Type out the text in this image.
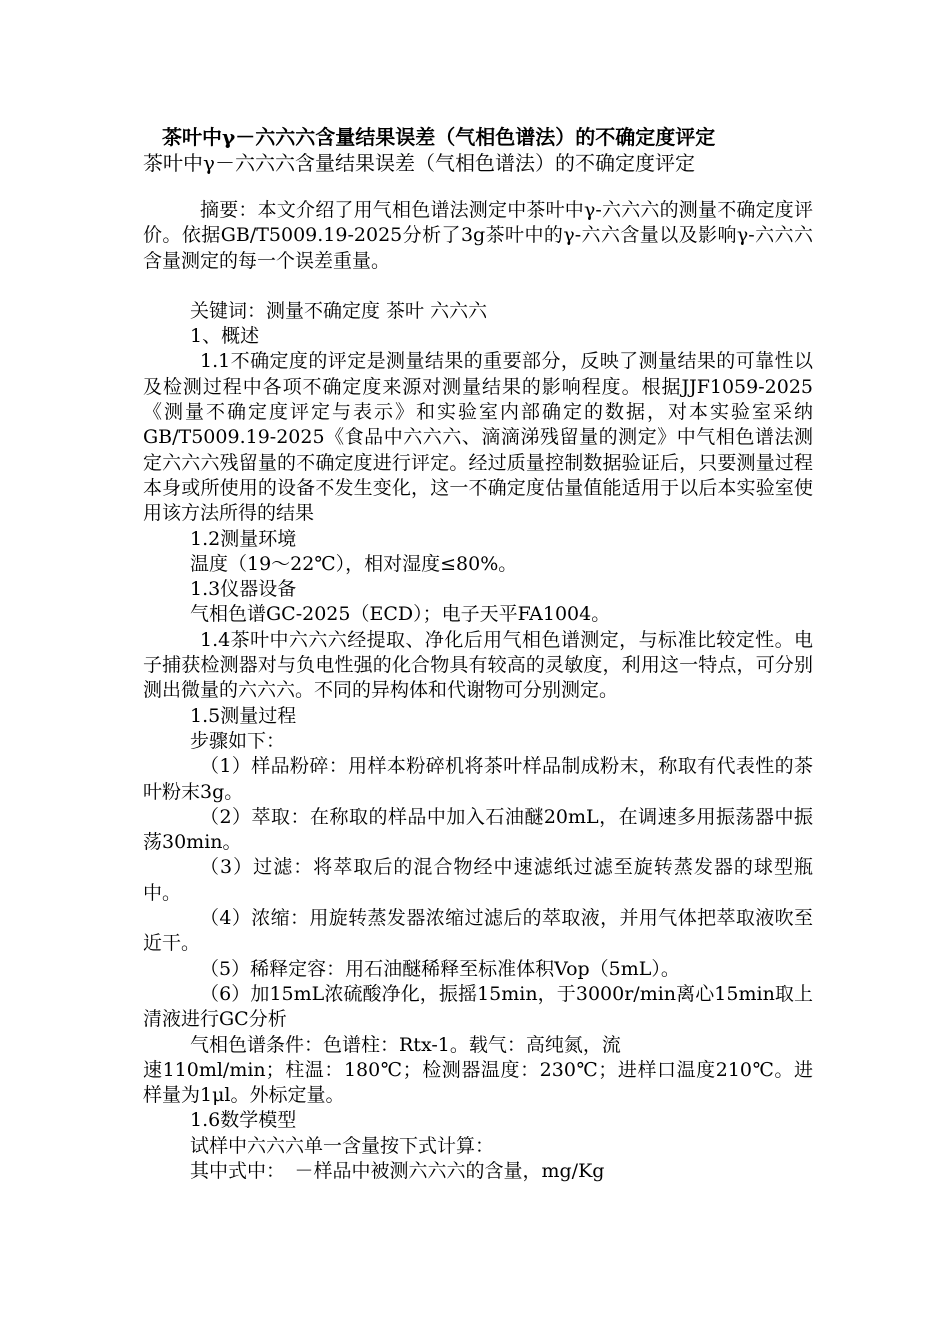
茶叶中γ－六六六含量结果误差（气相色谱法）的不确定度评定
茶叶中γ－六六六含量结果误差（气相色谱法）的不确定度评定

摘要：本文介绍了用气相色谱法测定中茶叶中γ-六六六的测量不确定度评价。依据GB/T5009.19-2025分析了3g茶叶中的γ-六六含量以及影响γ-六六六含量测定的每一个误差重量。

关键词：测量不确定度 茶叶 六六六

1、概述

1.1不确定度的评定是测量结果的重要部分，反映了测量结果的可靠性以及检测过程中各项不确定度来源对测量结果的影响程度。根据JJF1059-2025《测量不确定度评定与表示》和实验室内部确定的数据，对本实验室采纳GB/T5009.19-2025《食品中六六六、滴滴涕残留量的测定》中气相色谱法测定六六六残留量的不确定度进行评定。经过质量控制数据验证后，只要测量过程本身或所使用的设备不发生变化，这一不确定度估量值能适用于以后本实验室使用该方法所得的结果

1.2测量环境

温度（19～22℃），相对湿度≤80%。

1.3仪器设备

气相色谱GC-2025（ECD）；电子天平FA1004。

1.4茶叶中六六六经提取、净化后用气相色谱测定，与标准比较定性。电子捕获检测器对与负电性强的化合物具有较高的灵敏度，利用这一特点，可分别测出微量的六六六。不同的异构体和代谢物可分别测定。

1.5测量过程

步骤如下：

（1）样品粉碎：用样本粉碎机将茶叶样品制成粉末，称取有代表性的茶叶粉末3g。

（2）萃取：在称取的样品中加入石油醚20mL，在调速多用振荡器中振荡30min。

（3）过滤：将萃取后的混合物经中速滤纸过滤至旋转蒸发器的球型瓶中。

（4）浓缩：用旋转蒸发器浓缩过滤后的萃取液，并用气体把萃取液吹至近干。

（5）稀释定容：用石油醚稀释至标准体积Vop（5mL）。

（6）加15mL浓硫酸净化，振摇15min，于3000r/min离心15min取上清液进行GC分析

气相色谱条件：色谱柱：Rtx-1。载气：高纯氮，流

速110ml/min；柱温：180℃；检测器温度：230℃；进样口温度210℃。进样量为1μl。外标定量。

1.6数学模型

试样中六六六单一含量按下式计算：

其中式中：　－样品中被测六六六的含量，mg/Kg
